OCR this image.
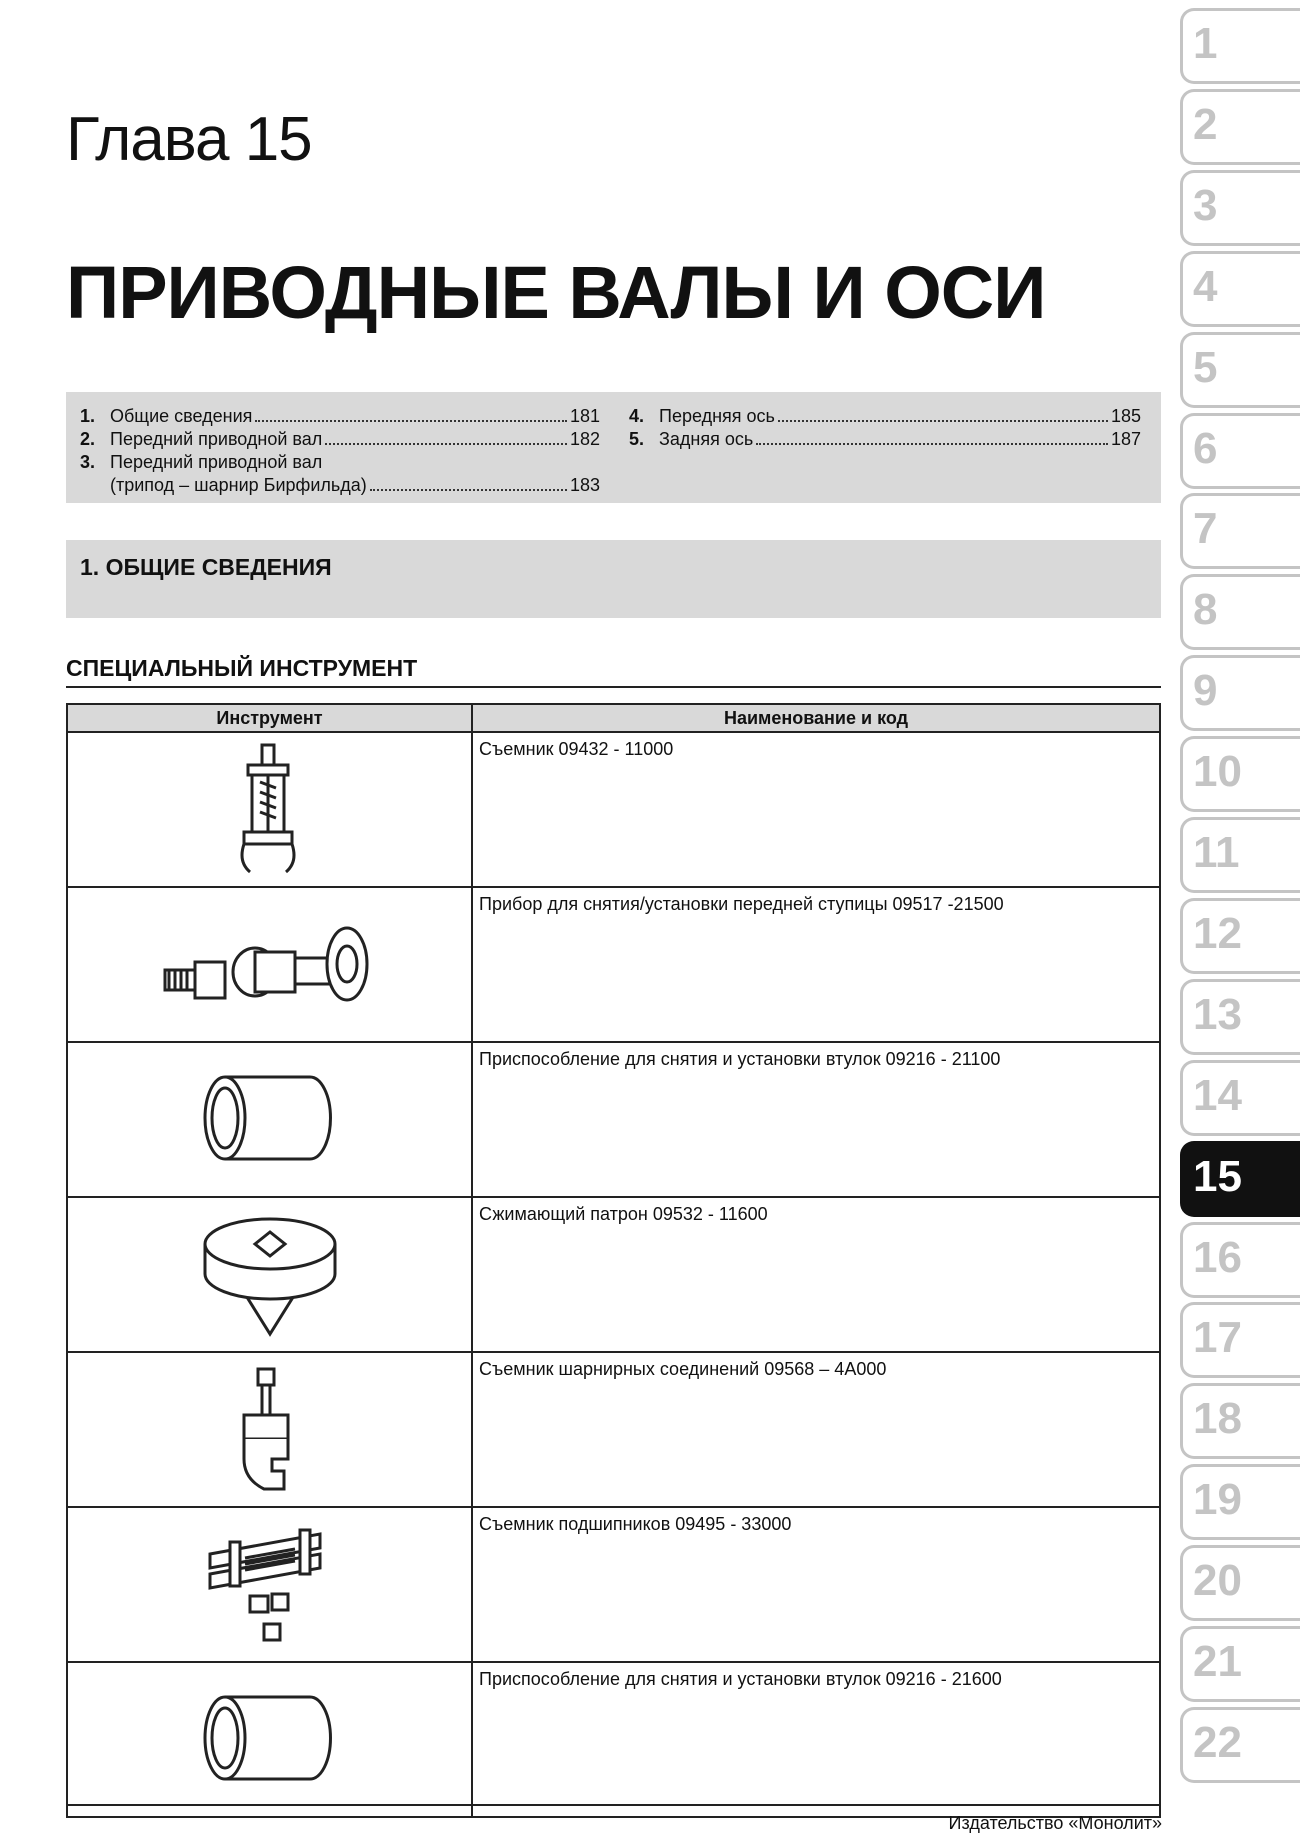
Глава 15
ПРИВОДНЫЕ ВАЛЫ И ОСИ
1. Общие сведения	181
2. Передний приводной вал	182
3. Передний приводной вал
(трипод – шарнир Бирфильда)	183
4. Передняя ось	185
5. Задняя ось	187
1. ОБЩИЕ СВЕДЕНИЯ
СПЕЦИАЛЬНЫЙ ИНСТРУМЕНТ
Инструмент	Наименование и код

	Съемник 09432 - 11000

	Прибор для снятия/установки передней ступицы 09517 -21500

	Приспособление для снятия и установки втулок 09216 - 21100

	Сжимающий патрон 09532 - 11600

	Съемник шарнирных соединений 09568 – 4A000

	Съемник подшипников 09495 - 33000

	Приспособление для снятия и установки втулок 09216 - 21600
1
2
3
4
5
6
7
8
9
10
11
12
13
14
15
16
17
18
19
20
21
22
Издательство «Монолит»
